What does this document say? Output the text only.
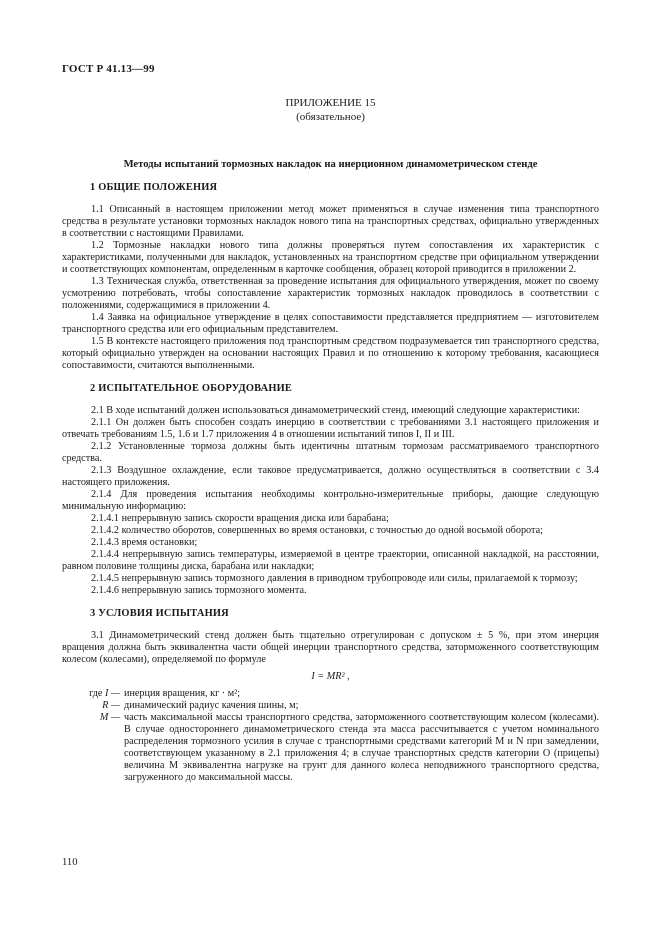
ГОСТ Р 41.13—99
ПРИЛОЖЕНИЕ 15
(обязательное)
Методы испытаний тормозных накладок на инерционном динамометрическом стенде
1 ОБЩИЕ ПОЛОЖЕНИЯ

1.1 Описанный в настоящем приложении метод может применяться в случае изменения типа транспортного средства в результате установки тормозных накладок нового типа на транспортных средствах, официально утвержденных в соответствии с настоящими Правилами.

1.2 Тормозные накладки нового типа должны проверяться путем сопоставления их характеристик с характеристиками, полученными для накладок, установленных на транспортном средстве при официальном утверждении и соответствующих компонентам, определенным в карточке сообщения, образец которой приводится в приложении 2.

1.3 Техническая служба, ответственная за проведение испытания для официального утверждения, может по своему усмотрению потребовать, чтобы сопоставление характеристик тормозных накладок проводилось в соответствии с положениями, содержащимися в приложении 4.

1.4 Заявка на официальное утверждение в целях сопоставимости представляется предприятием — изготовителем транспортного средства или его официальным представителем.

1.5 В контексте настоящего приложения под транспортным средством подразумевается тип транспортного средства, который официально утвержден на основании настоящих Правил и по отношению к которому требования, касающиеся сопоставимости, считаются выполненными.

2 ИСПЫТАТЕЛЬНОЕ ОБОРУДОВАНИЕ

2.1 В ходе испытаний должен использоваться динамометрический стенд, имеющий следующие характеристики:

2.1.1 Он должен быть способен создать инерцию в соответствии с требованиями 3.1 настоящего приложения и отвечать требованиям 1.5, 1.6 и 1.7 приложения 4 в отношении испытаний типов I, II и III.

2.1.2 Установленные тормоза должны быть идентичны штатным тормозам рассматриваемого транспортного средства.

2.1.3 Воздушное охлаждение, если таковое предусматривается, должно осуществляться в соответствии с 3.4 настоящего приложения.

2.1.4 Для проведения испытания необходимы контрольно-измерительные приборы, дающие следующую минимальную информацию:

2.1.4.1 непрерывную запись скорости вращения диска или барабана;

2.1.4.2 количество оборотов, совершенных во время остановки, с точностью до одной восьмой оборота;

2.1.4.3 время остановки;

2.1.4.4 непрерывную запись температуры, измеряемой в центре траектории, описанной накладкой, на расстоянии, равном половине толщины диска, барабана или накладки;

2.1.4.5 непрерывную запись тормозного давления в приводном трубопроводе или силы, прилагаемой к тормозу;

2.1.4.6 непрерывную запись тормозного момента.

3 УСЛОВИЯ ИСПЫТАНИЯ

3.1 Динамометрический стенд должен быть тщательно отрегулирован с допуском ± 5 %, при этом инерция вращения должна быть эквивалентна части общей инерции транспортного средства, заторможенного соответствующим колесом (колесами), определяемой по формуле

I = MR² ,
где I — инерция вращения, кг · м²;
R — динамический радиус качения шины, м;
M — часть максимальной массы транспортного средства, заторможенного соответствующим колесом (колесами). В случае одностороннего динамометрического стенда эта масса рассчитывается с учетом номинального распределения тормозного усилия в случае с транспортными средствами категорий M и N при замедлении, соответствующем указанному в 2.1 приложения 4; в случае транспортных средств категории O (прицепы) величина M эквивалентна нагрузке на грунт для данного колеса неподвижного транспортного средства, загруженного до максимальной массы.
110
